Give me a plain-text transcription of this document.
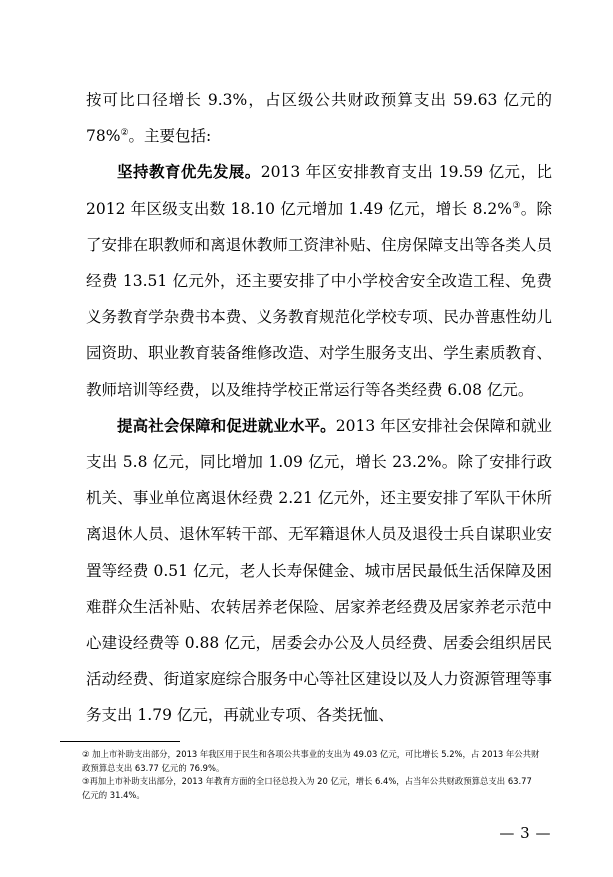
按可比口径增长 9.3%，占区级公共财政预算支出 59.63 亿元的 78%②。主要包括:

坚持教育优先发展。2013 年区安排教育支出 19.59 亿元，比 2012 年区级支出数 18.10 亿元增加 1.49 亿元，增长 8.2%③。除了安排在职教师和离退休教师工资津补贴、住房保障支出等各类人员经费 13.51 亿元外，还主要安排了中小学校舍安全改造工程、免费义务教育学杂费书本费、义务教育规范化学校专项、民办普惠性幼儿园资助、职业教育装备维修改造、对学生服务支出、学生素质教育、教师培训等经费，以及维持学校正常运行等各类经费 6.08 亿元。

提高社会保障和促进就业水平。2013 年区安排社会保障和就业支出 5.8 亿元，同比增加 1.09 亿元，增长 23.2%。除了安排行政机关、事业单位离退休经费 2.21 亿元外，还主要安排了军队干休所离退休人员、退休军转干部、无军籍退休人员及退役士兵自谋职业安置等经费 0.51 亿元，老人长寿保健金、城市居民最低生活保障及困难群众生活补贴、农转居养老保险、居家养老经费及居家养老示范中心建设经费等 0.88 亿元，居委会办公及人员经费、居委会组织居民活动经费、街道家庭综合服务中心等社区建设以及人力资源管理等事务支出 1.79 亿元，再就业专项、各类抚恤、

② 加上市补助支出部分，2013 年我区用于民生和各项公共事业的支出为 49.03 亿元，可比增长 5.2%，占 2013 年公共财政预算总支出 63.77 亿元的 76.9%。

③再加上市补助支出部分，2013 年教育方面的全口径总投入为 20 亿元，增长 6.4%，占当年公共财政预算总支出 63.77 亿元的 31.4%。

— 3 —
